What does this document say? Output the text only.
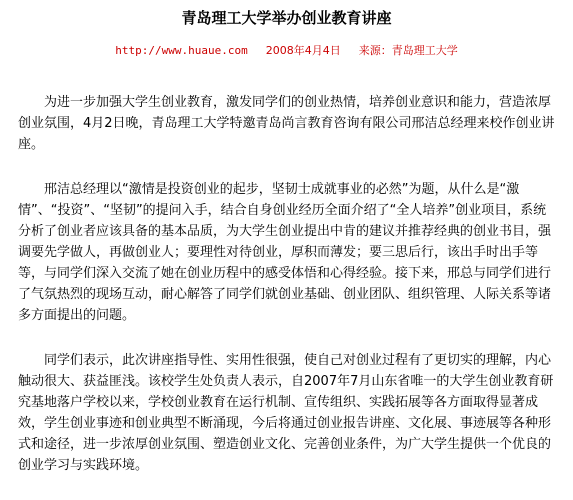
青岛理工大学举办创业教育讲座
http://www.huaue.com 2008年4月4日 来源：青岛理工大学

为进一步加强大学生创业教育，激发同学们的创业热情，培养创业意识和能力，营造浓厚创业氛围，4月2日晚，青岛理工大学特邀青岛尚言教育咨询有限公司邢洁总经理来校作创业讲座。

邢洁总经理以“激情是投资创业的起步，坚韧士成就事业的必然”为题，从什么是“激情”、“投资”、“坚韧”的提问入手，结合自身创业经历全面介绍了“全人培养”创业项目，系统分析了创业者应该具备的基本品质，为大学生创业提出中肯的建议并推荐经典的创业书目，强调要先学做人，再做创业人；要理性对待创业，厚积而薄发；要三思后行，该出手时出手等等，与同学们深入交流了她在创业历程中的感受体悟和心得经验。接下来，邢总与同学们进行了气氛热烈的现场互动，耐心解答了同学们就创业基础、创业团队、组织管理、人际关系等诸多方面提出的问题。

同学们表示，此次讲座指导性、实用性很强，使自己对创业过程有了更切实的理解，内心触动很大、获益匪浅。该校学生处负责人表示，自2007年7月山东省唯一的大学生创业教育研究基地落户学校以来，学校创业教育在运行机制、宣传组织、实践拓展等各方面取得显著成效，学生创业事迹和创业典型不断涌现，今后将通过创业报告讲座、文化展、事迹展等各种形式和途径，进一步浓厚创业氛围、塑造创业文化、完善创业条件，为广大学生提供一个优良的创业学习与实践环境。
